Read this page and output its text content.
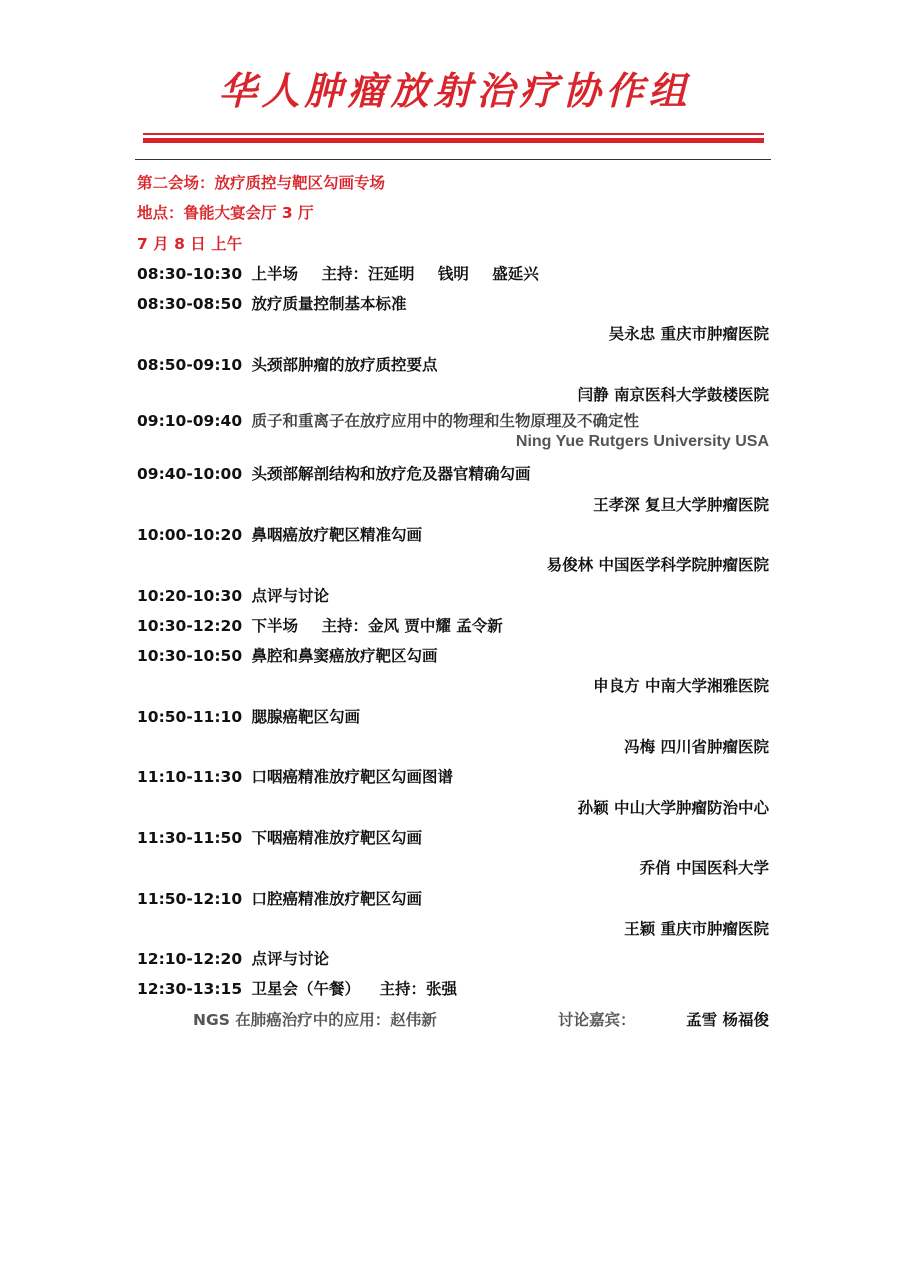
华人肿瘤放射治疗协作组
第二会场：放疗质控与靶区勾画专场
地点：鲁能大宴会厅 3 厅
7 月 8 日 上午
08:30-10:30 上半场 主持：汪延明 钱明 盛延兴
08:30-08:50 放疗质量控制基本标准
吴永忠 重庆市肿瘤医院
08:50-09:10 头颈部肿瘤的放疗质控要点
闫静 南京医科大学鼓楼医院
09:10-09:40 质子和重离子在放疗应用中的物理和生物原理及不确定性
Ning Yue Rutgers University USA
09:40-10:00 头颈部解剖结构和放疗危及器官精确勾画
王孝深 复旦大学肿瘤医院
10:00-10:20 鼻咽癌放疗靶区精准勾画
易俊林 中国医学科学院肿瘤医院
10:20-10:30 点评与讨论
10:30-12:20 下半场 主持：金风 贾中耀 孟令新
10:30-10:50 鼻腔和鼻窦癌放疗靶区勾画
申良方 中南大学湘雅医院
10:50-11:10 腮腺癌靶区勾画
冯梅 四川省肿瘤医院
11:10-11:30 口咽癌精准放疗靶区勾画图谱
孙颖 中山大学肿瘤防治中心
11:30-11:50 下咽癌精准放疗靶区勾画
乔俏 中国医科大学
11:50-12:10 口腔癌精准放疗靶区勾画
王颖 重庆市肿瘤医院
12:10-12:20 点评与讨论
12:30-13:15 卫星会（午餐） 主持：张强
NGS 在肺癌治疗中的应用：赵伟新	讨论嘉宾：	孟雪 杨福俊
